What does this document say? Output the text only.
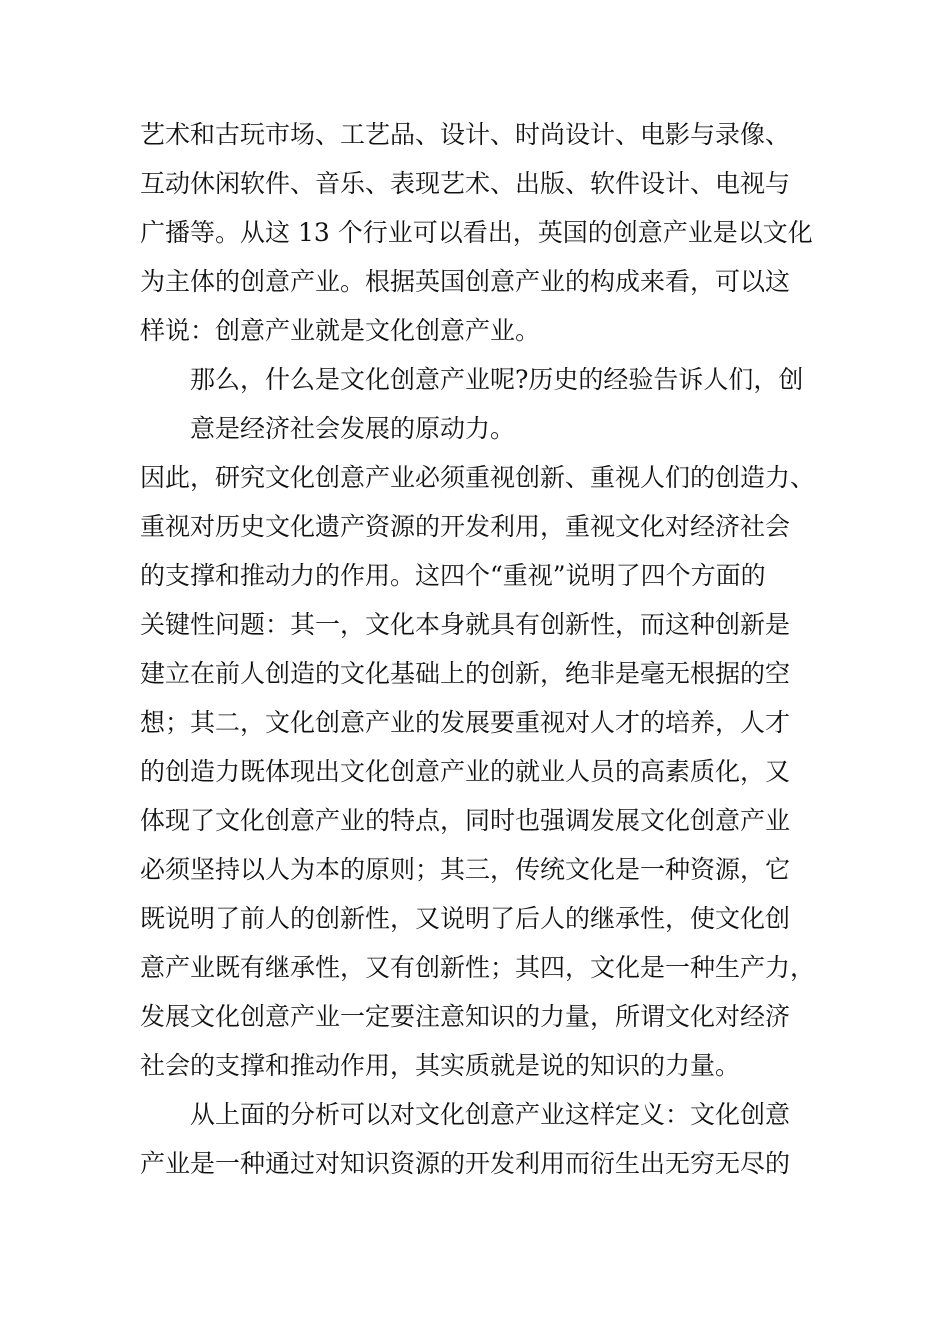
艺术和古玩市场、工艺品、设计、时尚设计、电影与录像、
互动休闲软件、音乐、表现艺术、出版、软件设计、电视与
广播等。从这 13 个行业可以看出，英国的创意产业是以文化
为主体的创意产业。根据英国创意产业的构成来看，可以这
样说：创意产业就是文化创意产业。
那么，什么是文化创意产业呢?历史的经验告诉人们，创
意是经济社会发展的原动力。
因此，研究文化创意产业必须重视创新、重视人们的创造力、
重视对历史文化遗产资源的开发利用，重视文化对经济社会
的支撑和推动力的作用。这四个“重视”说明了四个方面的
关键性问题：其一，文化本身就具有创新性，而这种创新是
建立在前人创造的文化基础上的创新，绝非是毫无根据的空
想；其二，文化创意产业的发展要重视对人才的培养，人才
的创造力既体现出文化创意产业的就业人员的高素质化，又
体现了文化创意产业的特点，同时也强调发展文化创意产业
必须坚持以人为本的原则；其三，传统文化是一种资源，它
既说明了前人的创新性，又说明了后人的继承性，使文化创
意产业既有继承性，又有创新性；其四，文化是一种生产力，
发展文化创意产业一定要注意知识的力量，所谓文化对经济
社会的支撑和推动作用，其实质就是说的知识的力量。
从上面的分析可以对文化创意产业这样定义：文化创意
产业是一种通过对知识资源的开发利用而衍生出无穷无尽的
